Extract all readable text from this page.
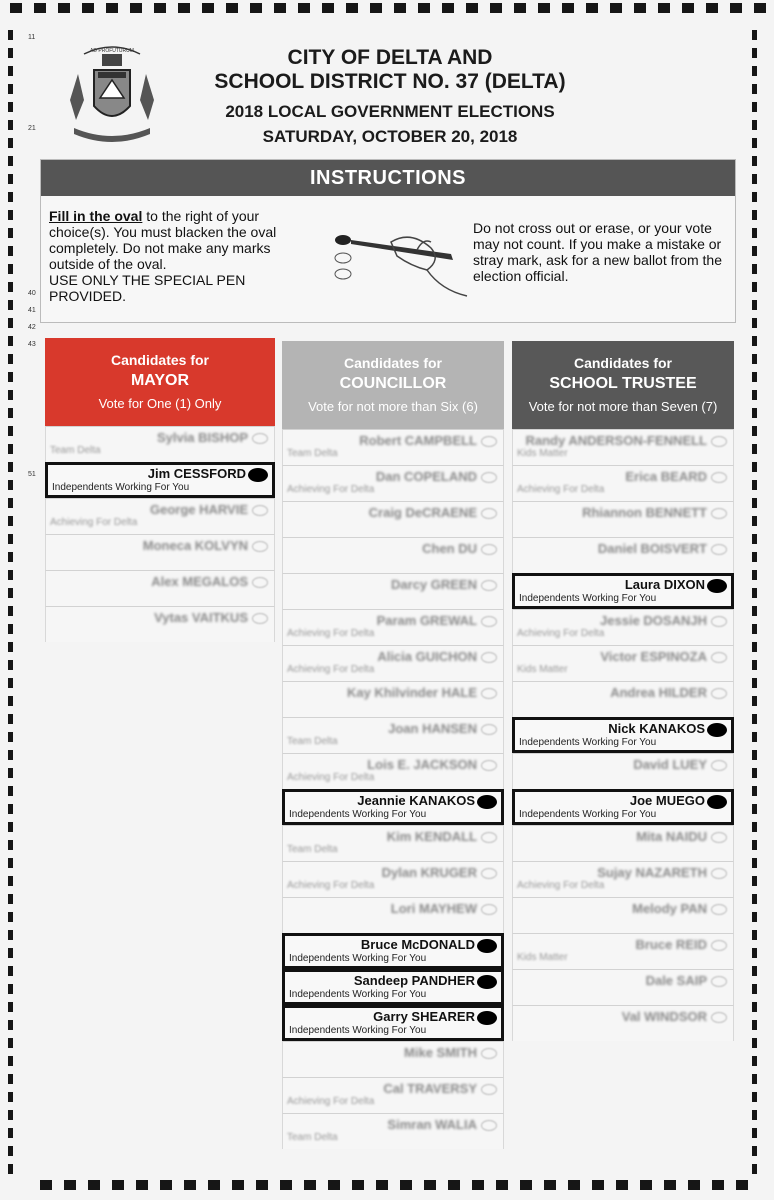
11
21
40
41
42
43
51
AD PROFUTURUM	CITY OF DELTA AND
SCHOOL DISTRICT NO. 37 (DELTA)
2018 LOCAL GOVERNMENT ELECTIONS
SATURDAY, OCTOBER 20, 2018
INSTRUCTIONS
Fill in the oval to the right of your choice(s). You must blacken the oval completely. Do not make any marks outside of the oval.
USE ONLY THE SPECIAL PEN PROVIDED.
Do not cross out or erase, or your vote may not count. If you make a mistake or stray mark, ask for a new ballot from the election official.
Candidates for
MAYOR
Vote for One (1) Only
Sylvia BISHOP
Team Delta
Jim CESSFORD
Independents Working For You
George HARVIE
Achieving For Delta
Moneca KOLVYN
Alex MEGALOS
Vytas VAITKUS
Candidates for
COUNCILLOR
Vote for not more than Six (6)
Robert CAMPBELL
Team Delta
Dan COPELAND
Achieving For Delta
Craig DeCRAENE
Chen DU
Darcy GREEN
Param GREWAL
Achieving For Delta
Alicia GUICHON
Achieving For Delta
Kay Khilvinder HALE
Joan HANSEN
Team Delta
Lois E. JACKSON
Achieving For Delta
Jeannie KANAKOS
Independents Working For You
Kim KENDALL
Team Delta
Dylan KRUGER
Achieving For Delta
Lori MAYHEW
Bruce McDONALD
Independents Working For You
Sandeep PANDHER
Independents Working For You
Garry SHEARER
Independents Working For You
Mike SMITH
Cal TRAVERSY
Achieving For Delta
Simran WALIA
Team Delta
Candidates for
SCHOOL TRUSTEE
Vote for not more than Seven (7)
Randy ANDERSON-FENNELL
Kids Matter
Erica BEARD
Achieving For Delta
Rhiannon BENNETT
Daniel BOISVERT
Laura DIXON
Independents Working For You
Jessie DOSANJH
Achieving For Delta
Victor ESPINOZA
Kids Matter
Andrea HILDER
Nick KANAKOS
Independents Working For You
David LUEY
Joe MUEGO
Independents Working For You
Mita NAIDU
Sujay NAZARETH
Achieving For Delta
Melody PAN
Bruce REID
Kids Matter
Dale SAIP
Val WINDSOR
